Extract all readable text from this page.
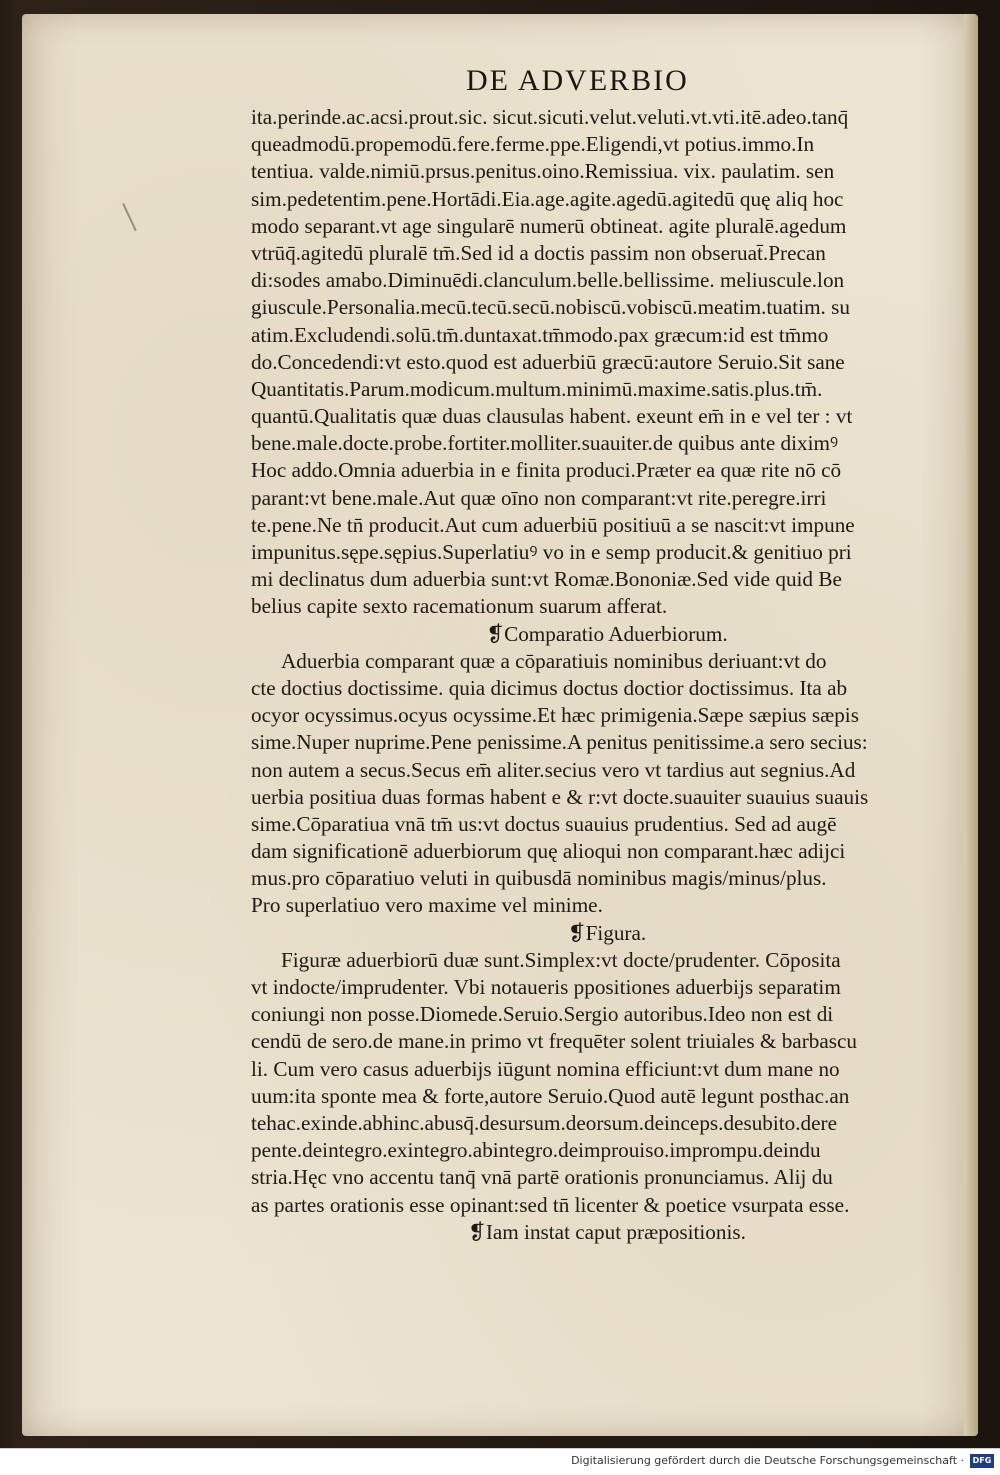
DE ADVERBIO
ita.perinde.ac.acsi.prout.sic. sicut.sicuti.velut.veluti.vt.vti.itē.adeo.tanq̄
queadmodū.propemodū.fere.ferme.ppe.Eligendi,vt potius.immo.In
tentiua. valde.nimiū.prsus.penitus.oino.Remissiua. vix. paulatim. sen
sim.pedetentim.pene.Hortādi.Eia.age.agite.agedū.agitedū quę aliq hoc
modo separant.vt age singularē numerū obtineat. agite pluralē.agedum
vtrūq̄.agitedū pluralē tm̄.Sed id a doctis passim non obseruat̄.Precan
di:sodes amabo.Diminuēdi.clanculum.belle.bellissime. meliuscule.lon
giuscule.Personalia.mecū.tecū.secū.nobiscū.vobiscū.meatim.tuatim. su
atim.Excludendi.solū.tm̄.duntaxat.tm̄modo.pax græcum:id est tm̄mo
do.Concedendi:vt esto.quod est aduerbiū græcū:autore Seruio.Sit sane
Quantitatis.Parum.modicum.multum.minimū.maxime.satis.plus.tm̄.
quantū.Qualitatis quæ duas clausulas habent. exeunt em̄ in e vel ter : vt
bene.male.docte.probe.fortiter.molliter.suauiter.de quibus ante diximꝰ
Hoc addo.Omnia aduerbia in e finita produci.Præter ea quæ rite nō cō
parant:vt bene.male.Aut quæ oīno non comparant:vt rite.peregre.irri
te.pene.Ne tn̄ producit.Aut cum aduerbiū positiuū a se nascit:vt impune
impunitus.sępe.sępius.Superlatiuꝰ vo in e semp producit.& genitiuo pri
mi declinatus dum aduerbia sunt:vt Romæ.Bononiæ.Sed vide quid Be
belius capite sexto racemationum suarum afferat.
❡Comparatio Aduerbiorum.
Aduerbia comparant quæ a cōparatiuis nominibus deriuant:vt do
cte doctius doctissime. quia dicimus doctus doctior doctissimus. Ita ab
ocyor ocyssimus.ocyus ocyssime.Et hæc primigenia.Sæpe sæpius sæpis
sime.Nuper nuprime.Pene penissime.A penitus penitissime.a sero secius:
non autem a secus.Secus em̄ aliter.secius vero vt tardius aut segnius.Ad
uerbia positiua duas formas habent e & r:vt docte.suauiter suauius suauis
sime.Cōparatiua vnā tm̄ us:vt doctus suauius prudentius. Sed ad augē
dam significationē aduerbiorum quę alioqui non comparant.hæc adijci
mus.pro cōparatiuo veluti in quibusdā nominibus magis/minus/plus.
Pro superlatiuo vero maxime vel minime.
❡Figura.
Figuræ aduerbiorū duæ sunt.Simplex:vt docte/prudenter. Cōposita
vt indocte/imprudenter. Vbi notaueris ppositiones aduerbijs separatim
coniungi non posse.Diomede.Seruio.Sergio autoribus.Ideo non est di
cendū de sero.de mane.in primo vt frequēter solent triuiales & barbascu
li. Cum vero casus aduerbijs iūgunt nomina efficiunt:vt dum mane no
uum:ita sponte mea & forte,autore Seruio.Quod autē legunt posthac.an
tehac.exinde.abhinc.abusq̄.desursum.deorsum.deinceps.desubito.dere
pente.deintegro.exintegro.abintegro.deimprouiso.imprompu.deindu
stria.Hęc vno accentu tanq̄ vnā partē orationis pronunciamus. Alij du
as partes orationis esse opinant:sed tn̄ licenter & poetice vsurpata esse.
❡Iam instat caput præpositionis.
Digitalisierung gefördert durch die Deutsche Forschungsgemeinschaft ·	DFG
